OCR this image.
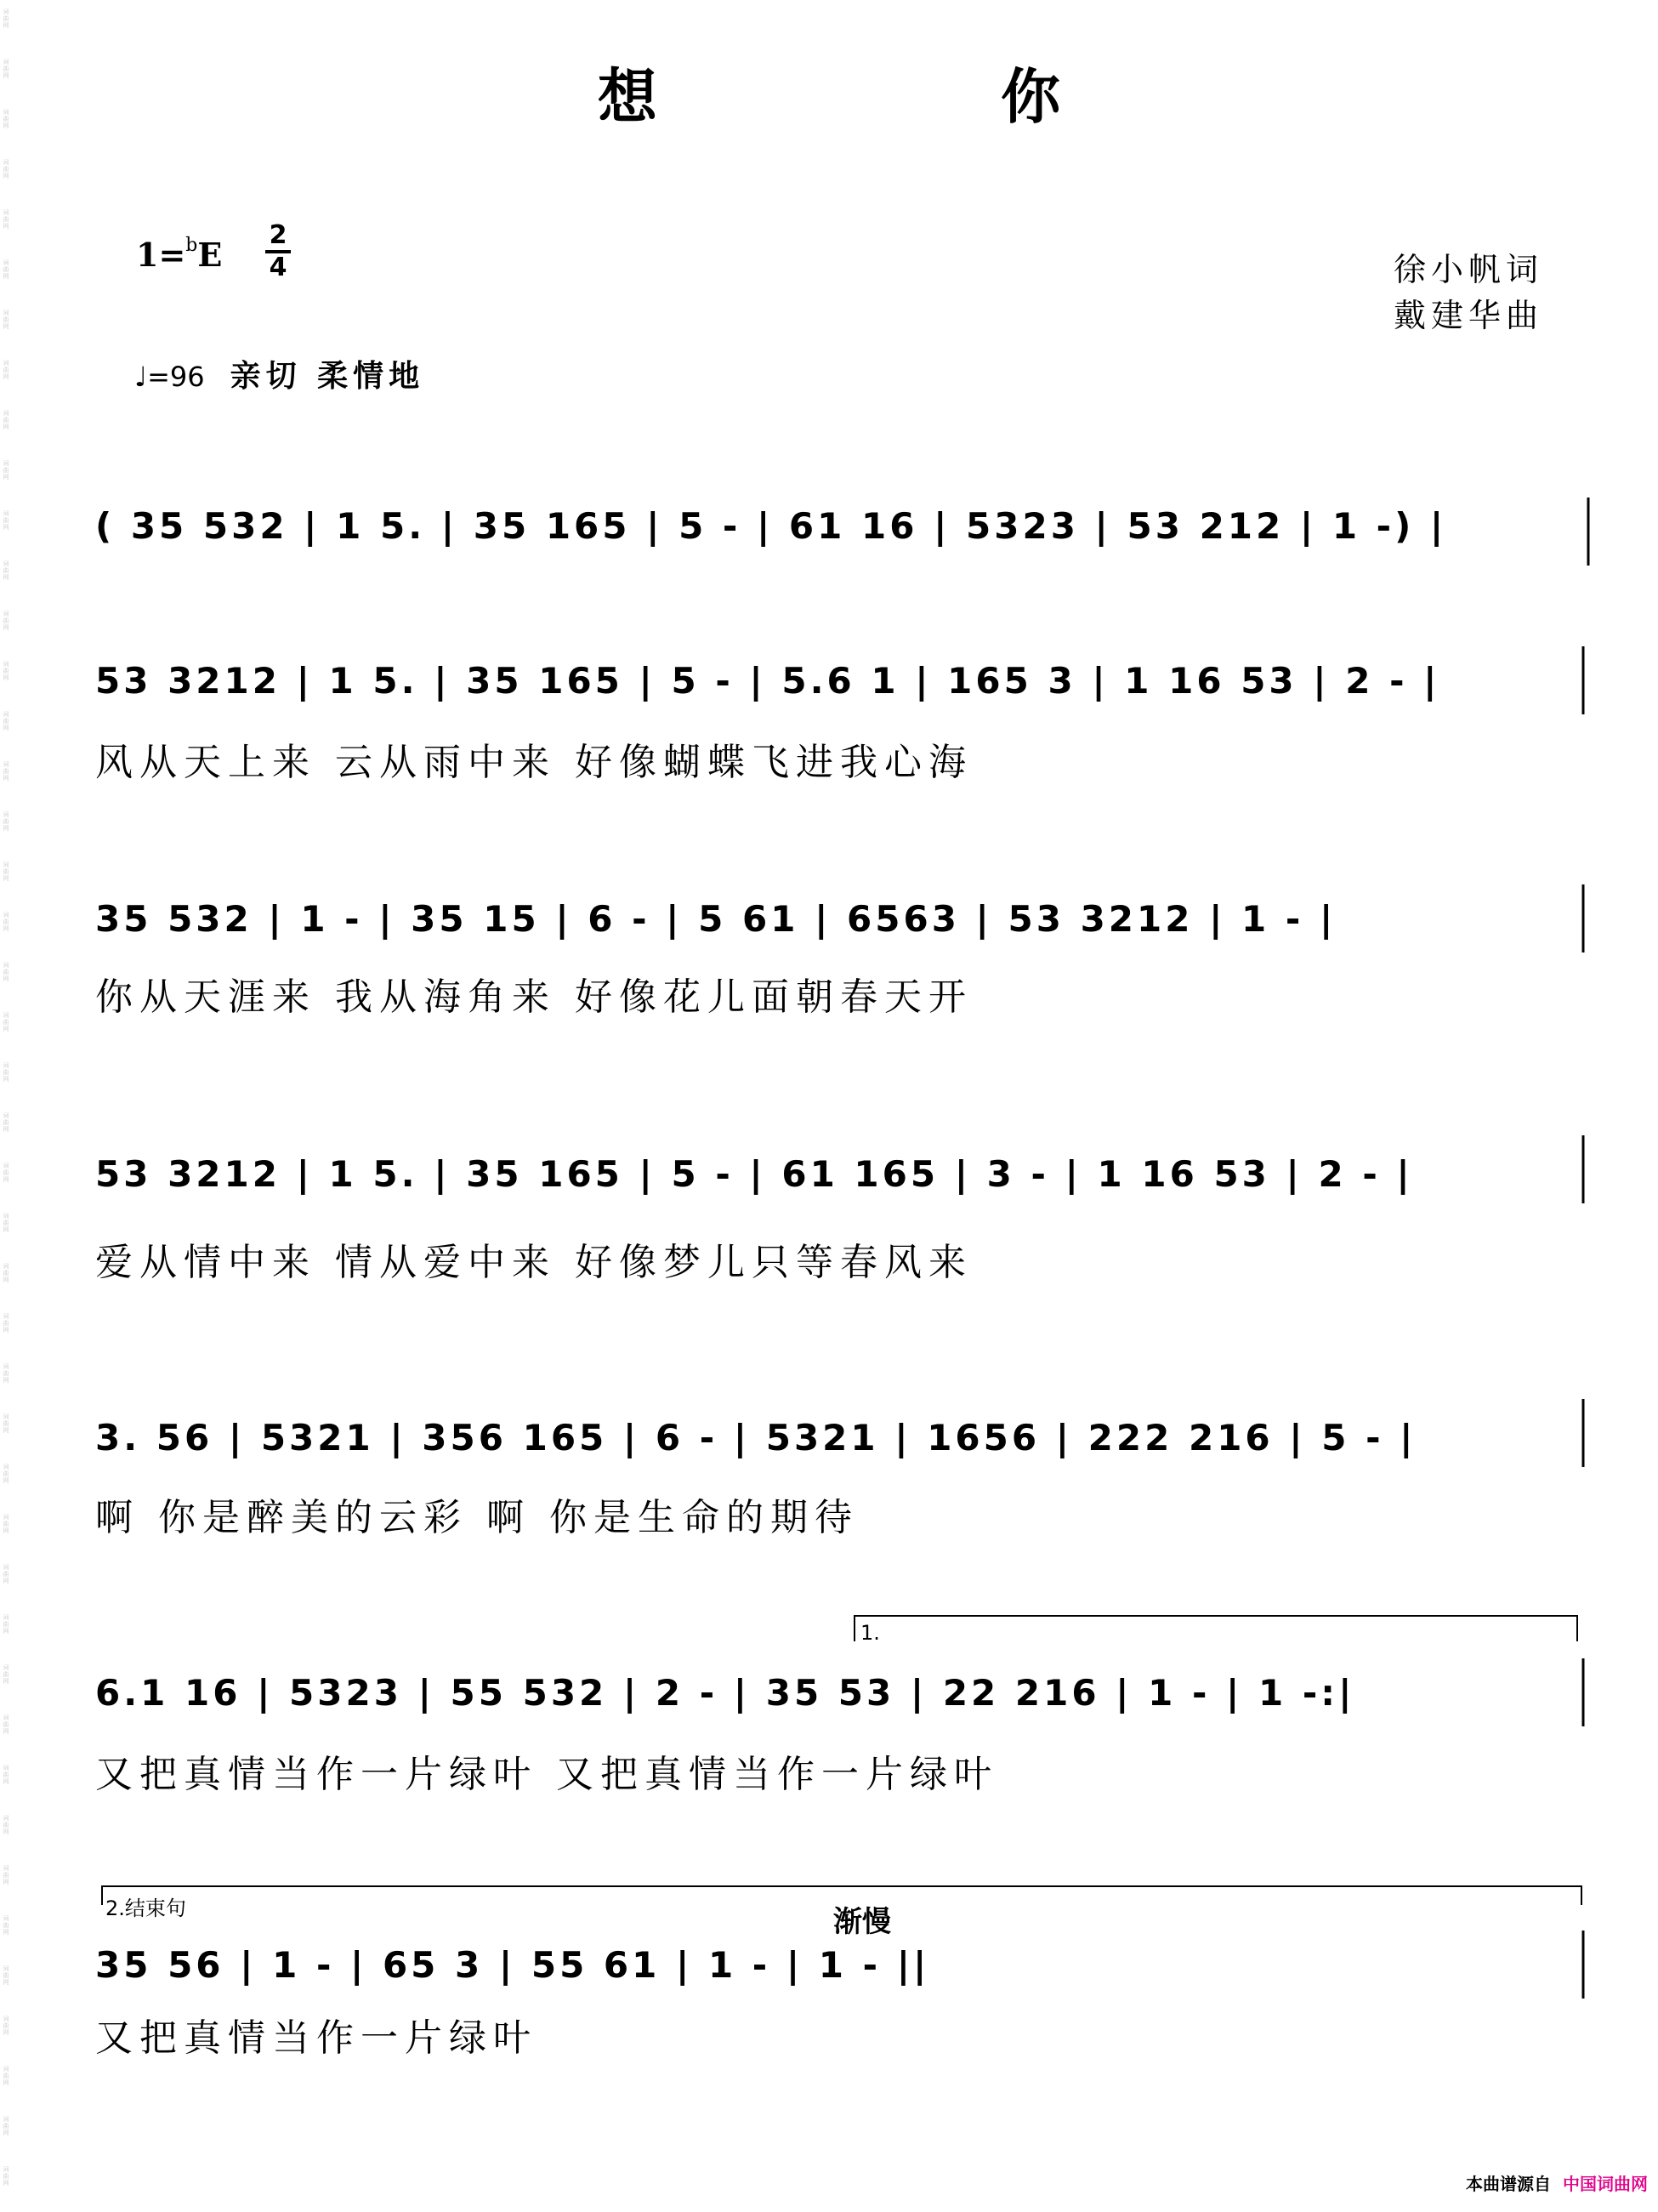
词
曲
网
词
曲
网
词
曲
网
词
曲
网
词
曲
网
词
曲
网
词
曲
网
词
曲
网
词
曲
网
词
曲
网
词
曲
网
词
曲
网
词
曲
网
词
曲
网
词
曲
网
词
曲
网
词
曲
网
词
曲
网
词
曲
网
词
曲
网
词
曲
网
词
曲
网
词
曲
网
词
曲
网
词
曲
网
词
曲
网
词
曲
网
词
曲
网
词
曲
网
词
曲
网
词
曲
网
词
曲
网
词
曲
网
词
曲
网
词
曲
网
词
曲
网
词
曲
网
词
曲
网
词
曲
网
词
曲
网
词
曲
网
词
曲
网
词
曲
网
词
曲
网
想 你
徐小帆词
戴建华曲
1=$^b$E
2
4
♩=96 亲切 柔情地
1.
2.结束句	渐慢
( 35 532 | 1 5. | 35 165 | 5 - | 61 16 | 5323 | 53 212 | 1 -) |
53 3212 | 1 5. | 35 165 | 5 - | 5.6 1 | 165 3 | 1 16 53 | 2 - |
风从天上来 云从雨中来 好像蝴蝶飞进我心海
35 532 | 1 - | 35 15 | 6 - | 5 61 | 6563 | 53 3212 | 1 - |
你从天涯来 我从海角来 好像花儿面朝春天开
53 3212 | 1 5. | 35 165 | 5 - | 61 165 | 3 - | 1 16 53 | 2 - |
爱从情中来 情从爱中来 好像梦儿只等春风来
3. 56 | 5321 | 356 165 | 6 - | 5321 | 1656 | 222 216 | 5 - |
啊 你是醉美的云彩 啊 你是生命的期待
6.1 16 | 5323 | 55 532 | 2 - | 35 53 | 22 216 | 1 - | 1 -:|
又把真情当作一片绿叶 又把真情当作一片绿叶
35 56 | 1 - | 65 3 | 55 61 | 1 - | 1 - ||
又把真情当作一片绿叶
本曲谱源自 中国词曲网
